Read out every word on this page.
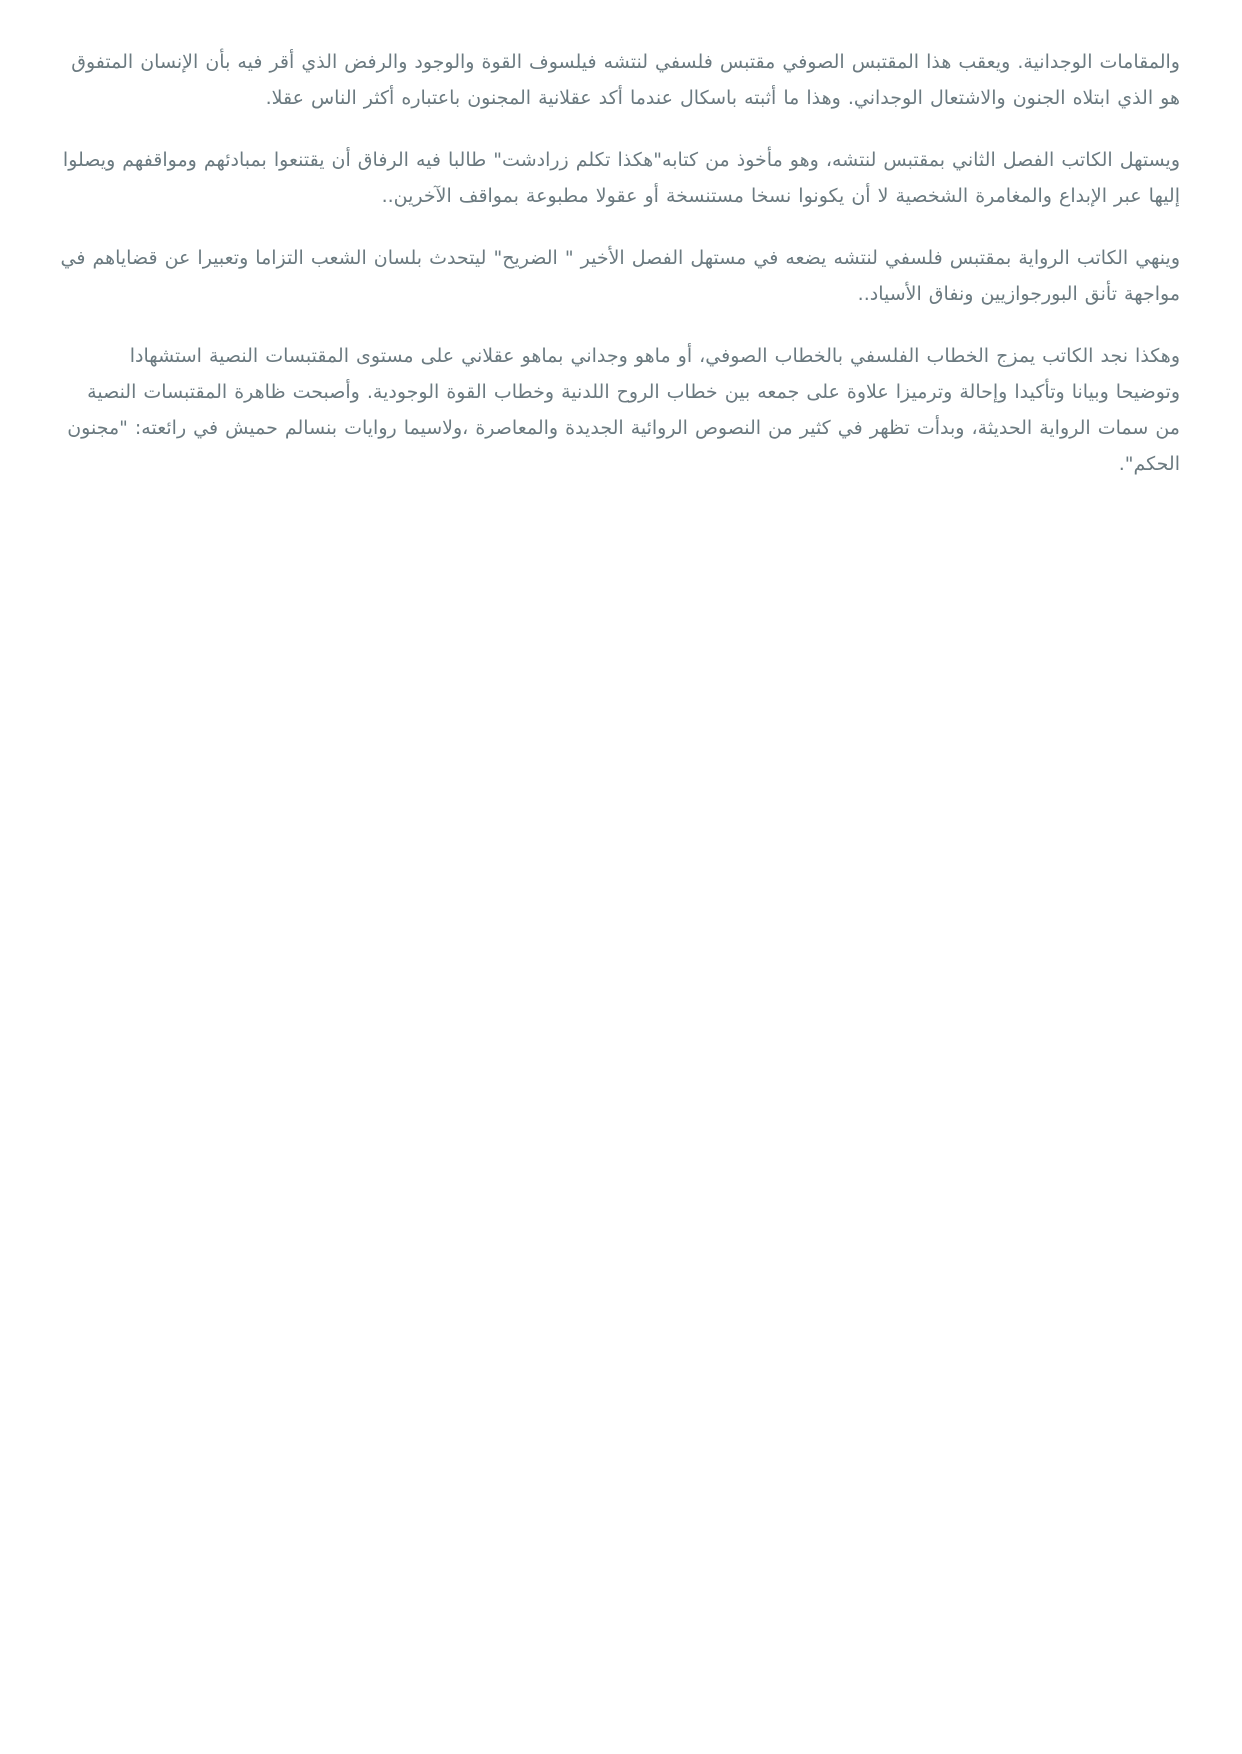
والمقامات الوجدانية. ويعقب هذا المقتبس الصوفي مقتبس فلسفي لنتشه فيلسوف القوة والوجود والرفض الذي أقر فيه بأن الإنسان المتفوق هو الذي ابتلاه الجنون والاشتعال الوجداني. وهذا ما أثبته باسكال عندما أكد عقلانية المجنون باعتباره أكثر الناس عقلا.

ويستهل الكاتب الفصل الثاني بمقتبس لنتشه، وهو مأخوذ من كتابه"هكذا تكلم زرادشت" طالبا فيه الرفاق أن يقتنعوا بمبادئهم ومواقفهم ويصلوا إليها عبر الإبداع والمغامرة الشخصية لا أن يكونوا نسخا مستنسخة أو عقولا مطبوعة بمواقف الآخرين..

وينهي الكاتب الرواية بمقتبس فلسفي لنتشه يضعه في مستهل الفصل الأخير " الضريح" ليتحدث بلسان الشعب التزاما وتعبيرا عن قضاياهم في مواجهة تأنق البورجوازيين ونفاق الأسياد..

وهكذا نجد الكاتب يمزج الخطاب الفلسفي بالخطاب الصوفي، أو ماهو وجداني بماهو عقلاني على مستوى المقتبسات النصية استشهادا وتوضيحا وبيانا وتأكيدا وإحالة وترميزا علاوة على جمعه بين خطاب الروح اللدنية وخطاب القوة الوجودية. وأصبحت ظاهرة المقتبسات النصية من سمات الرواية الحديثة، وبدأت تظهر في كثير من النصوص الروائية الجديدة والمعاصرة ،ولاسيما روايات بنسالم حميش في رائعته: "مجنون الحكم".
